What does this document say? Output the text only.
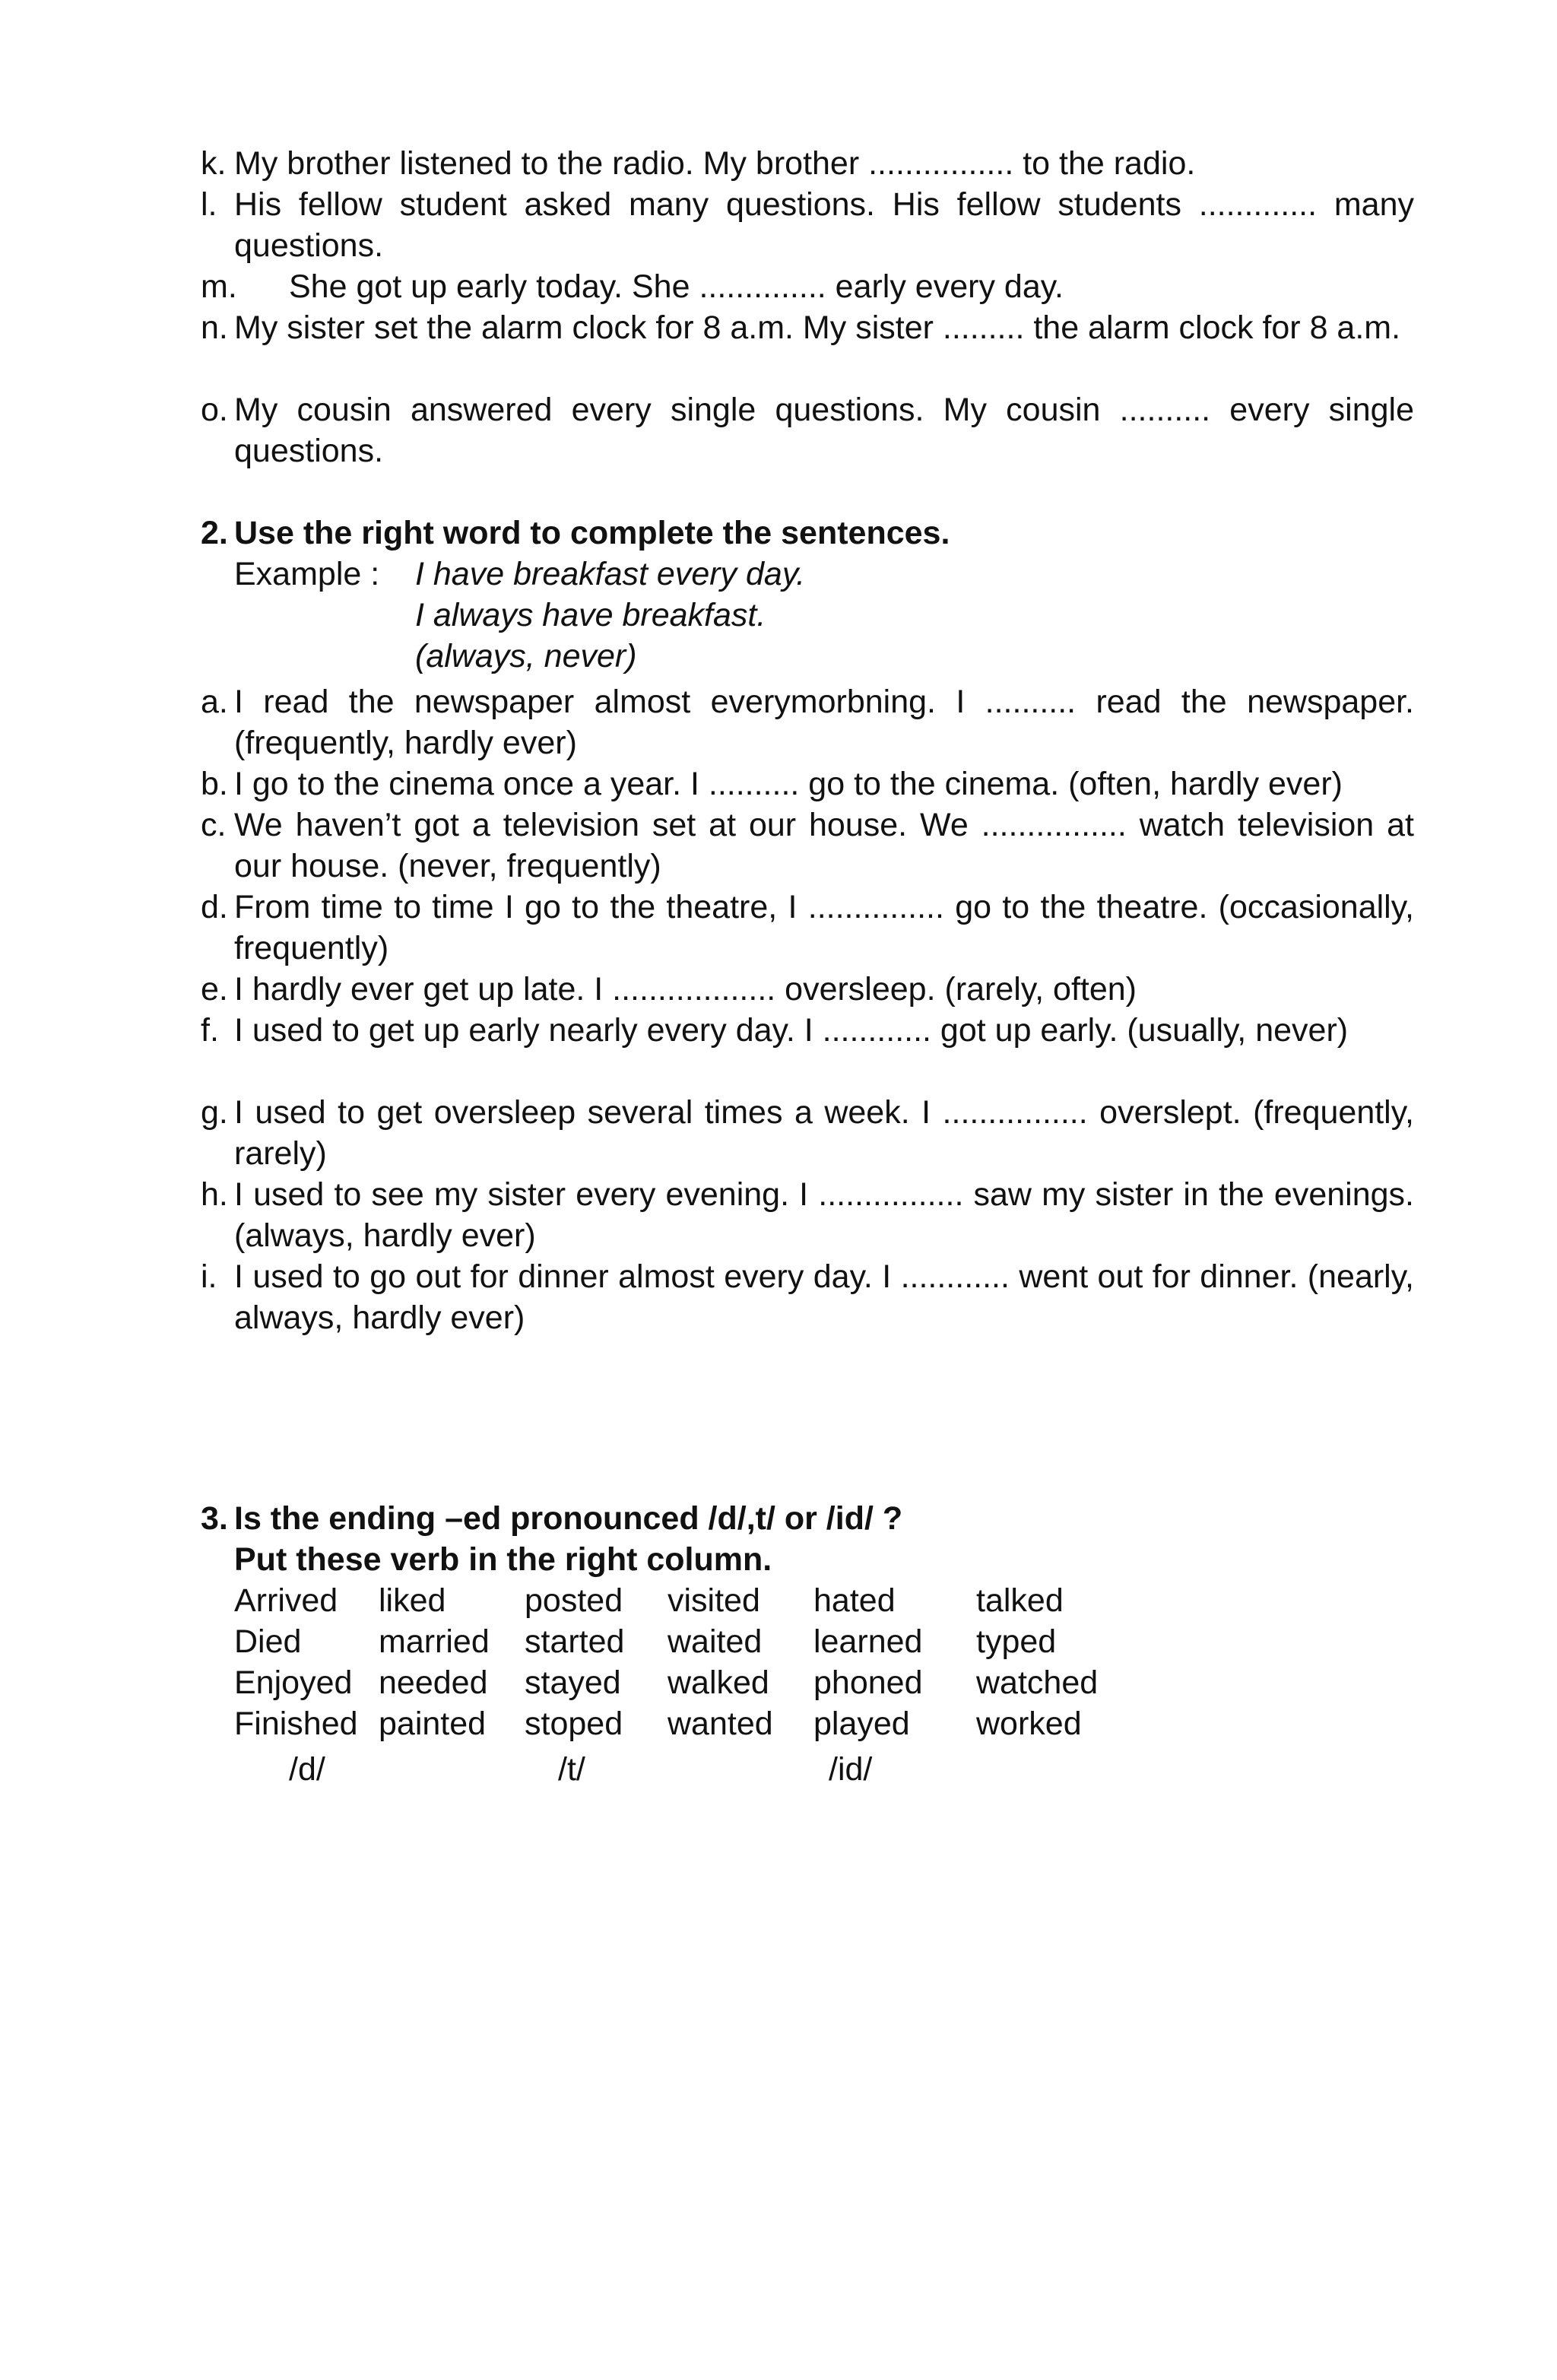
k. My brother listened to the radio. My brother ................ to the radio.
l. His fellow student asked many questions. His fellow students ............. many questions.
m.	She got up early today. She .............. early every day.
n. My sister set the alarm clock for 8 a.m. My sister ......... the alarm clock for 8 a.m.
o. My cousin answered every single questions. My cousin .......... every single questions.
2. Use the right word to complete the sentences.
Example : I have breakfast every day.
I always have breakfast.
(always, never)
a. I read the newspaper almost everymorbning. I .......... read the newspaper. (frequently, hardly ever)
b. I go to the cinema once a year. I .......... go to the cinema. (often, hardly ever)
c. We haven’t got a television set at our house. We ................ watch television at our house. (never, frequently)
d. From time to time I go to the theatre, I ............... go to the theatre. (occasionally, frequently)
e. I hardly ever get up late. I .................. oversleep. (rarely, often)
f. I used to get up early nearly every day. I ............ got up early. (usually, never)
g. I used to get oversleep several times a week. I ................ overslept. (frequently, rarely)
h. I used to see my sister every evening. I ................ saw my sister in the evenings. (always, hardly ever)
i. I used to go out for dinner almost every day. I ............ went out for dinner. (nearly, always, hardly ever)
3. Is the ending –ed pronounced /d/,t/ or /id/ ?
Put these verb in the right column.
Arrived liked posted visited hated talked
Died married started waited learned typed
Enjoyed needed stayed walked phoned watched
Finished painted stoped wanted played worked
/d/	/t/	/id/
